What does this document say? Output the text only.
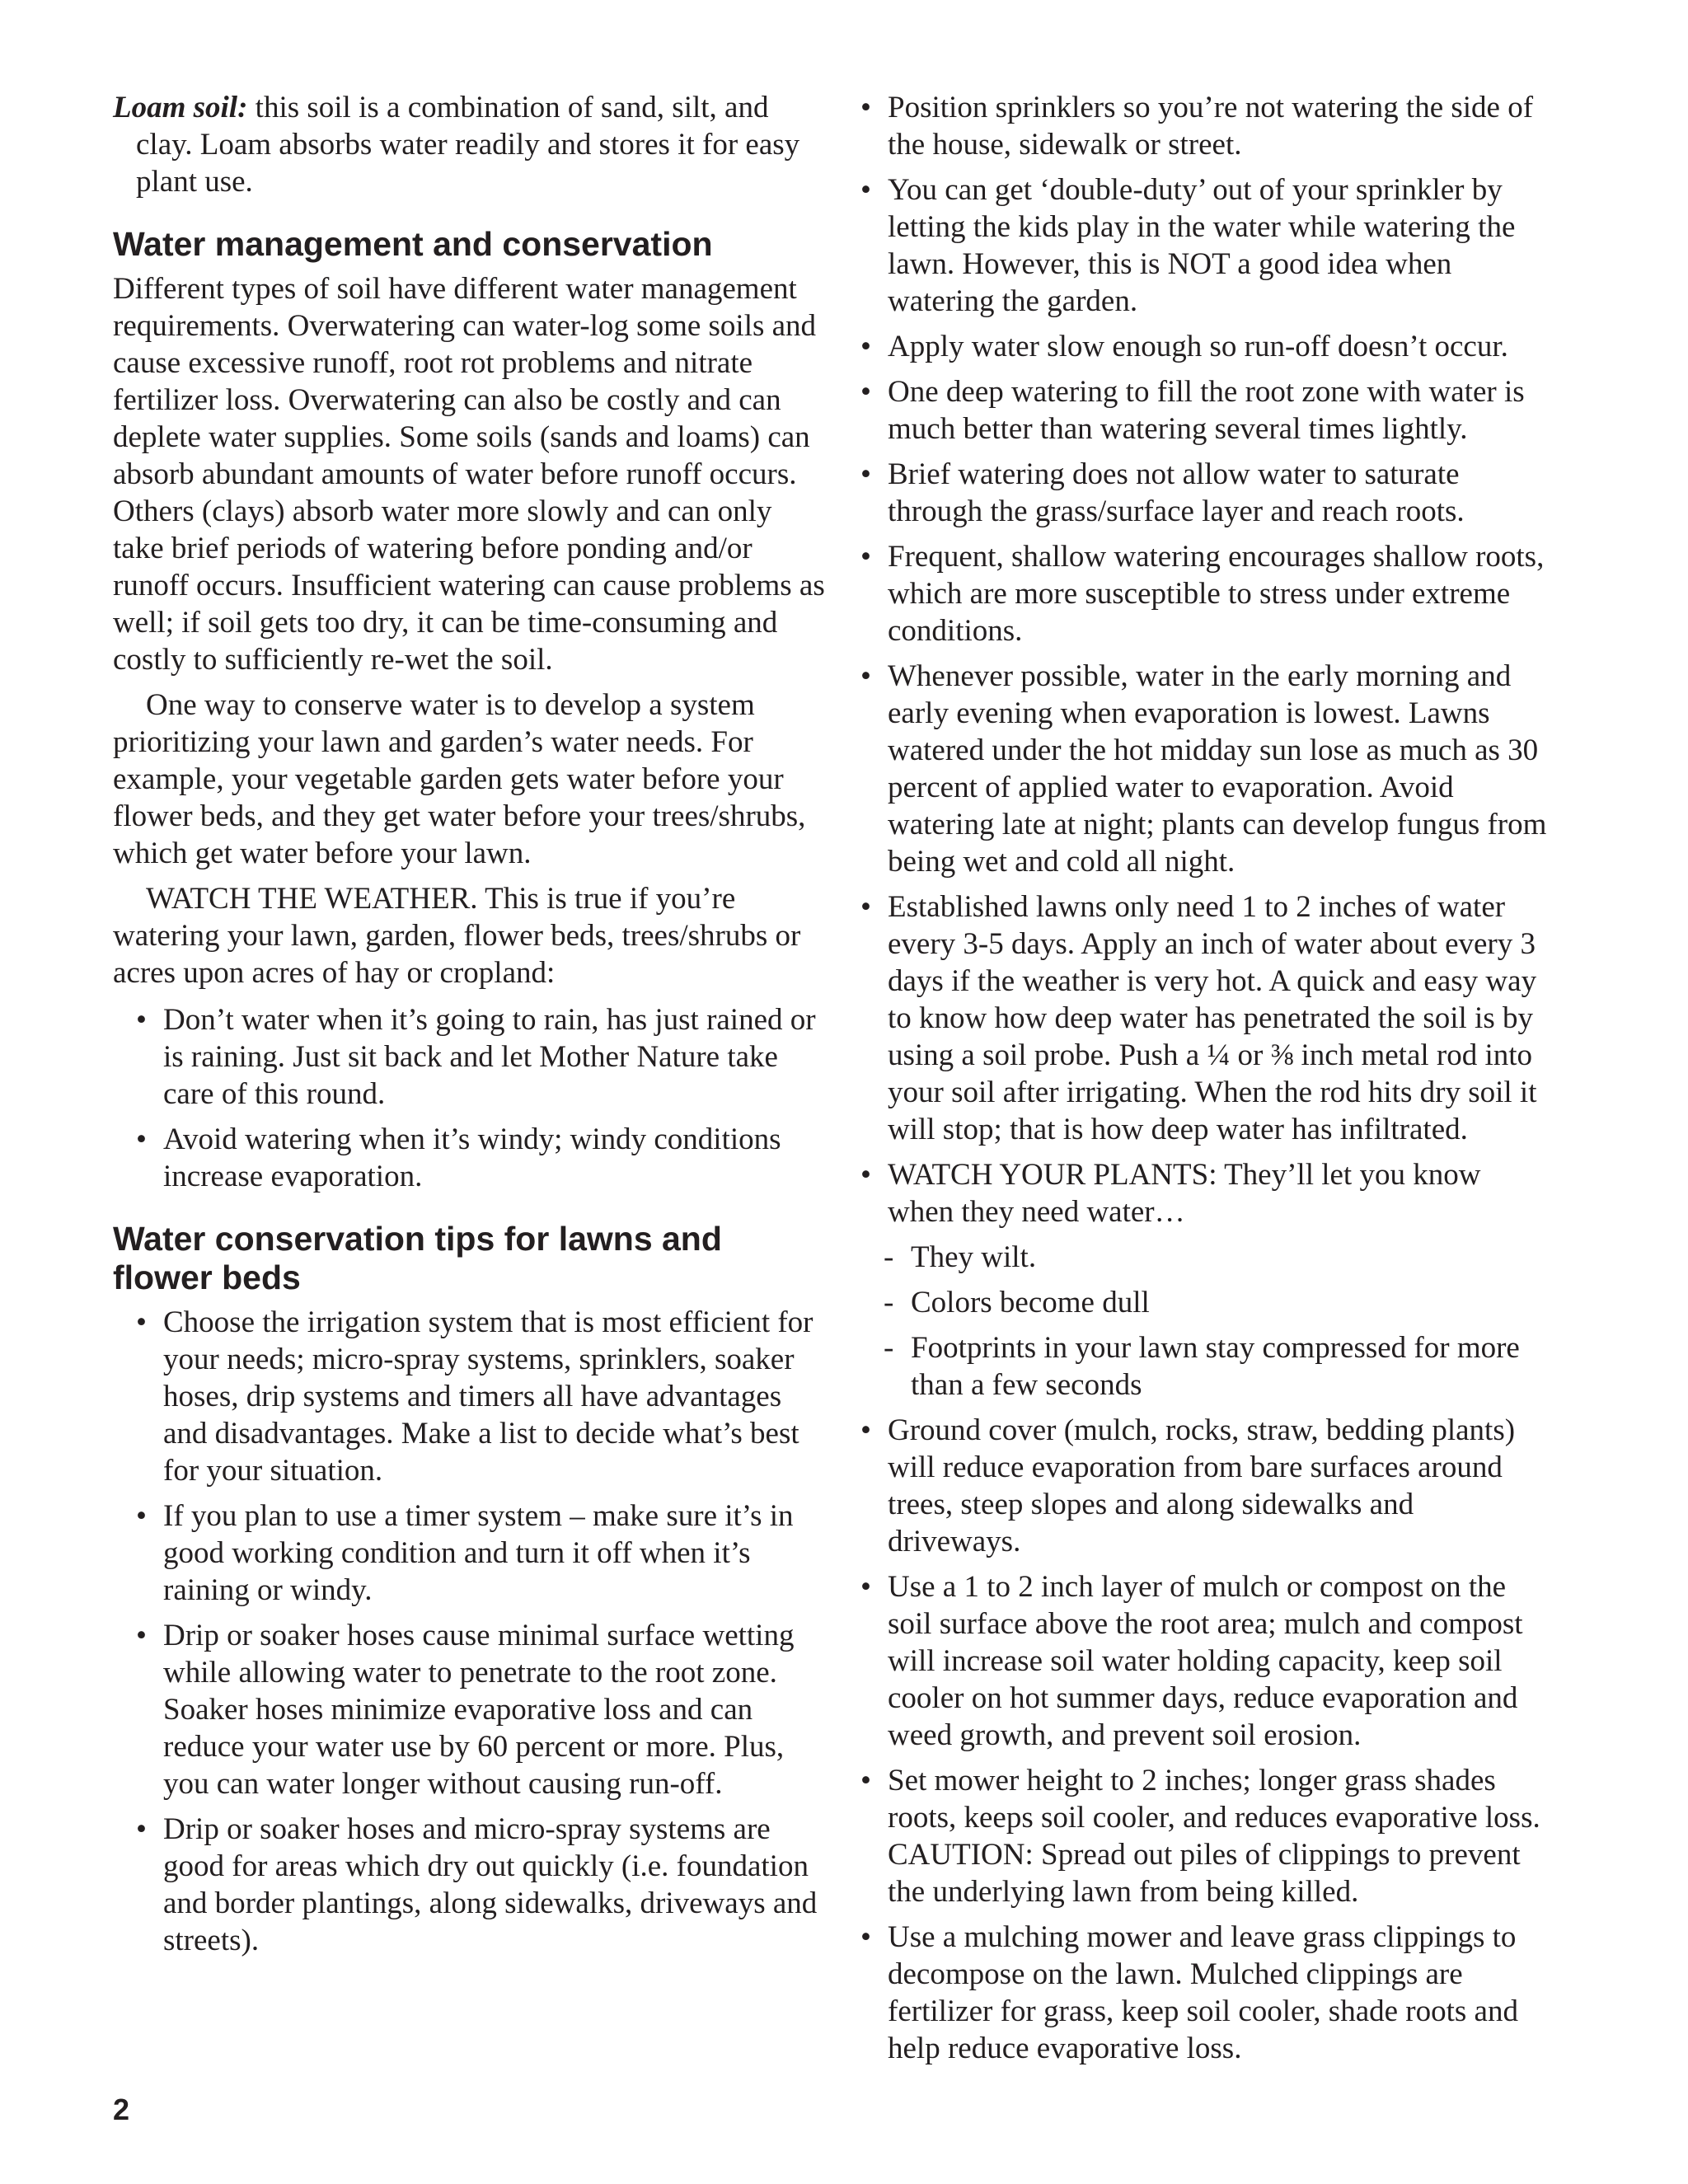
Loam soil: this soil is a combination of sand, silt, and clay. Loam absorbs water readily and stores it for easy plant use.

Water management and conservation

Different types of soil have different water management requirements. Overwatering can water-log some soils and cause excessive runoff, root rot problems and nitrate fertilizer loss. Overwatering can also be costly and can deplete water supplies. Some soils (sands and loams) can absorb abundant amounts of water before runoff occurs. Others (clays) absorb water more slowly and can only take brief periods of watering before ponding and/or runoff occurs. Insufficient watering can cause problems as well; if soil gets too dry, it can be time-consuming and costly to sufficiently re-wet the soil.

One way to conserve water is to develop a system prioritizing your lawn and garden’s water needs. For example, your vegetable garden gets water before your flower beds, and they get water before your trees/shrubs, which get water before your lawn.

WATCH THE WEATHER. This is true if you’re watering your lawn, garden, flower beds, trees/shrubs or acres upon acres of hay or cropland:

• Don’t water when it’s going to rain, has just rained or is raining. Just sit back and let Mother Nature take care of this round.
• Avoid watering when it’s windy; windy conditions increase evaporation.
Water conservation tips for lawns and flower beds
• Choose the irrigation system that is most efficient for your needs; micro-spray systems, sprinklers, soaker hoses, drip systems and timers all have advantages and disadvantages. Make a list to decide what’s best for your situation.
• If you plan to use a timer system – make sure it’s in good working condition and turn it off when it’s raining or windy.
• Drip or soaker hoses cause minimal surface wetting while allowing water to penetrate to the root zone. Soaker hoses minimize evaporative loss and can reduce your water use by 60 percent or more. Plus, you can water longer without causing run-off.
• Drip or soaker hoses and micro-spray systems are good for areas which dry out quickly (i.e. foundation and border plantings, along sidewalks, driveways and streets).
• Position sprinklers so you’re not watering the side of the house, sidewalk or street.
• You can get ‘double-duty’ out of your sprinkler by letting the kids play in the water while watering the lawn. However, this is NOT a good idea when watering the garden.
• Apply water slow enough so run-off doesn’t occur.
• One deep watering to fill the root zone with water is much better than watering several times lightly.
• Brief watering does not allow water to saturate through the grass/surface layer and reach roots.
• Frequent, shallow watering encourages shallow roots, which are more susceptible to stress under extreme conditions.
• Whenever possible, water in the early morning and early evening when evaporation is lowest. Lawns watered under the hot midday sun lose as much as 30 percent of applied water to evaporation. Avoid watering late at night; plants can develop fungus from being wet and cold all night.
• Established lawns only need 1 to 2 inches of water every 3-5 days. Apply an inch of water about every 3 days if the weather is very hot. A quick and easy way to know how deep water has penetrated the soil is by using a soil probe. Push a ¼ or ⅜ inch metal rod into your soil after irrigating. When the rod hits dry soil it will stop; that is how deep water has infiltrated.
• WATCH YOUR PLANTS: They’ll let you know when they need water…
- They wilt.
- Colors become dull
- Footprints in your lawn stay compressed for more than a few seconds
• Ground cover (mulch, rocks, straw, bedding plants) will reduce evaporation from bare surfaces around trees, steep slopes and along sidewalks and driveways.
• Use a 1 to 2 inch layer of mulch or compost on the soil surface above the root area; mulch and compost will increase soil water holding capacity, keep soil cooler on hot summer days, reduce evaporation and weed growth, and prevent soil erosion.
• Set mower height to 2 inches; longer grass shades roots, keeps soil cooler, and reduces evaporative loss. CAUTION: Spread out piles of clippings to prevent the underlying lawn from being killed.
• Use a mulching mower and leave grass clippings to decompose on the lawn. Mulched clippings are fertilizer for grass, keep soil cooler, shade roots and help reduce evaporative loss.
2
